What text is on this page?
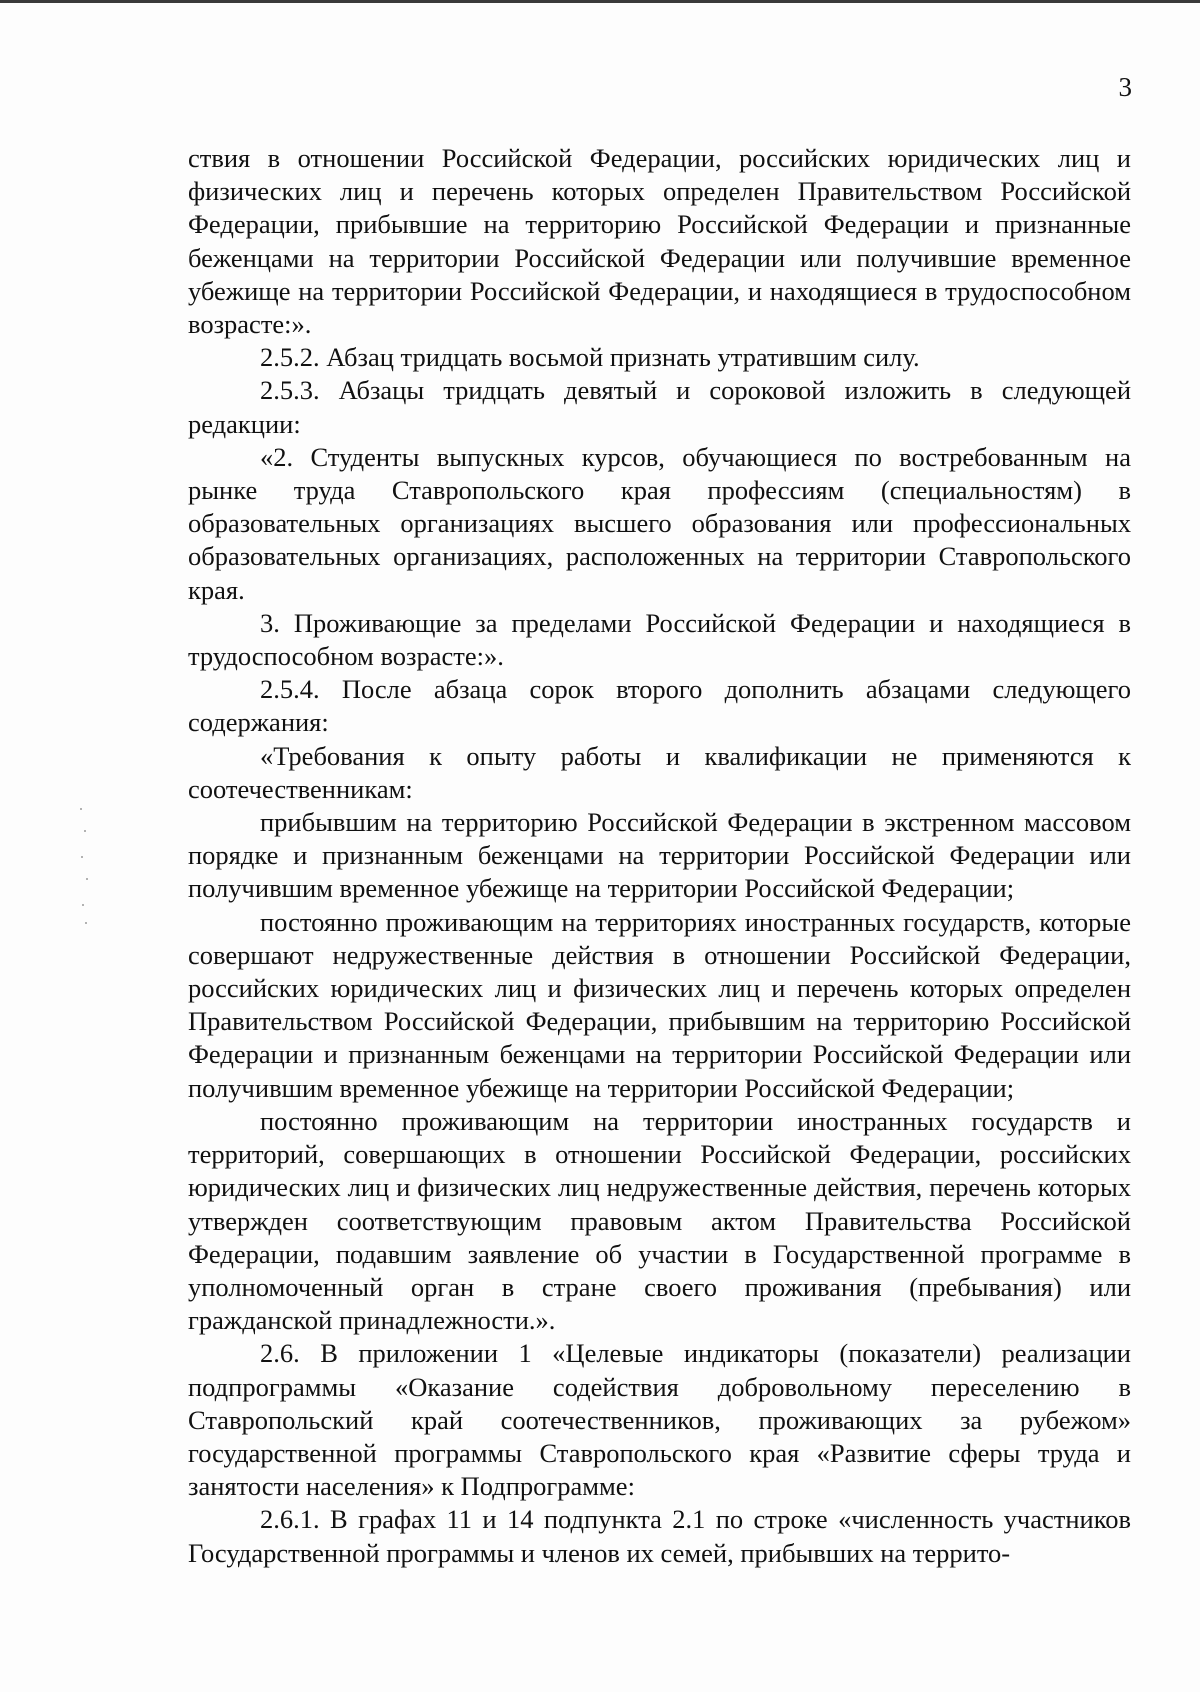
3

ствия в отношении Российской Федерации, российских юридических лиц и физических лиц и перечень которых определен Правительством Российской Федерации, прибывшие на территорию Российской Федерации и признанные беженцами на территории Российской Федерации или получившие временное убежище на территории Российской Федерации, и находящиеся в трудоспособном возрасте:».

2.5.2. Абзац тридцать восьмой признать утратившим силу.

2.5.3. Абзацы тридцать девятый и сороковой изложить в следующей редакции:

«2. Студенты выпускных курсов, обучающиеся по востребованным на рынке труда Ставропольского края профессиям (специальностям) в образовательных организациях высшего образования или профессиональных образовательных организациях, расположенных на территории Ставропольского края.

3. Проживающие за пределами Российской Федерации и находящиеся в трудоспособном возрасте:».

2.5.4. После абзаца сорок второго дополнить абзацами следующего содержания:

«Требования к опыту работы и квалификации не применяются к соотечественникам:

прибывшим на территорию Российской Федерации в экстренном массовом порядке и признанным беженцами на территории Российской Федерации или получившим временное убежище на территории Российской Федерации;

постоянно проживающим на территориях иностранных государств, которые совершают недружественные действия в отношении Российской Федерации, российских юридических лиц и физических лиц и перечень которых определен Правительством Российской Федерации, прибывшим на территорию Российской Федерации и признанным беженцами на территории Российской Федерации или получившим временное убежище на территории Российской Федерации;

постоянно проживающим на территории иностранных государств и территорий, совершающих в отношении Российской Федерации, российских юридических лиц и физических лиц недружественные действия, перечень которых утвержден соответствующим правовым актом Правительства Российской Федерации, подавшим заявление об участии в Государственной программе в уполномоченный орган в стране своего проживания (пребывания) или гражданской принадлежности.».

2.6. В приложении 1 «Целевые индикаторы (показатели) реализации подпрограммы «Оказание содействия добровольному переселению в Ставропольский край соотечественников, проживающих за рубежом» государственной программы Ставропольского края «Развитие сферы труда и занятости населения» к Подпрограмме:

2.6.1. В графах 11 и 14 подпункта 2.1 по строке «численность участников Государственной программы и членов их семей, прибывших на террито-
